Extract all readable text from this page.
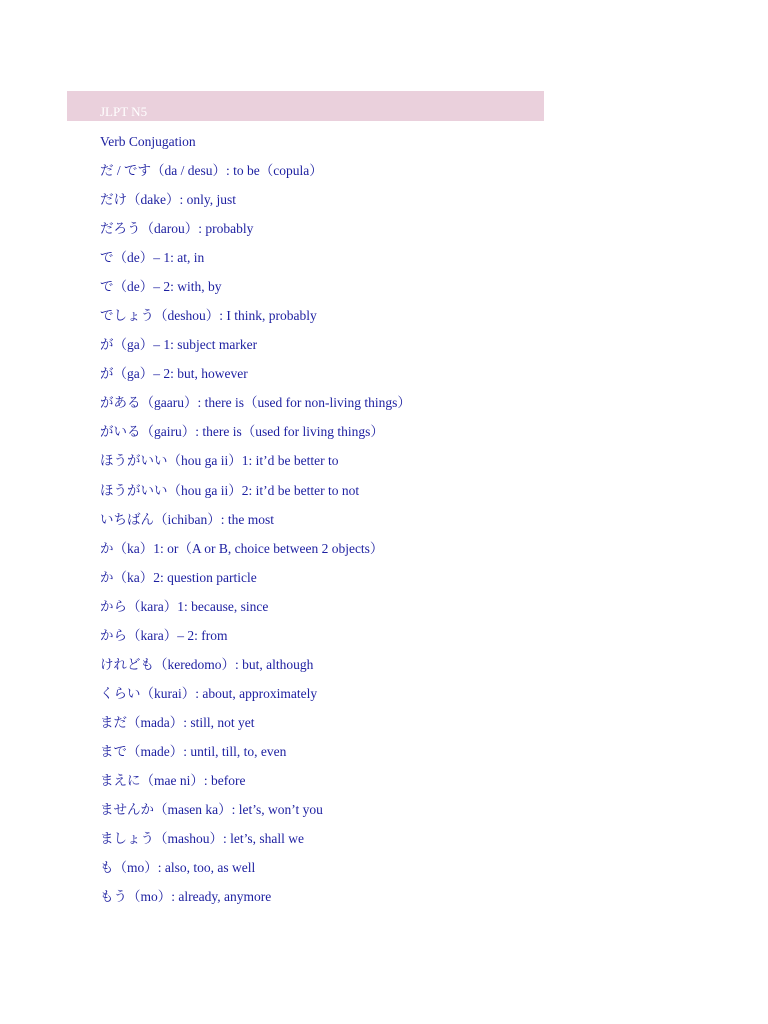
JLPT N5
Verb Conjugation
だ / です（da / desu）: to be（copula）
だけ（dake）: only, just
だろう（darou）: probably
で（de）– 1: at, in
で（de）– 2: with, by
でしょう（deshou）: I think, probably
が（ga）– 1: subject marker
が（ga）– 2: but, however
がある（gaaru）: there is（used for non-living things）
がいる（gairu）: there is（used for living things）
ほうがいい（hou ga ii）1: it’d be better to
ほうがいい（hou ga ii）2: it’d be better to not
いちばん（ichiban）: the most
か（ka）1: or（A or B, choice between 2 objects）
か（ka）2: question particle
から（kara）1: because, since
から（kara）– 2: from
けれども（keredomo）: but, although
くらい（kurai）: about, approximately
まだ（mada）: still, not yet
まで（made）: until, till, to, even
まえに（mae ni）: before
ませんか（masen ka）: let’s, won’t you
ましょう（mashou）: let’s, shall we
も（mo）: also, too, as well
もう（mo）: already, anymore
